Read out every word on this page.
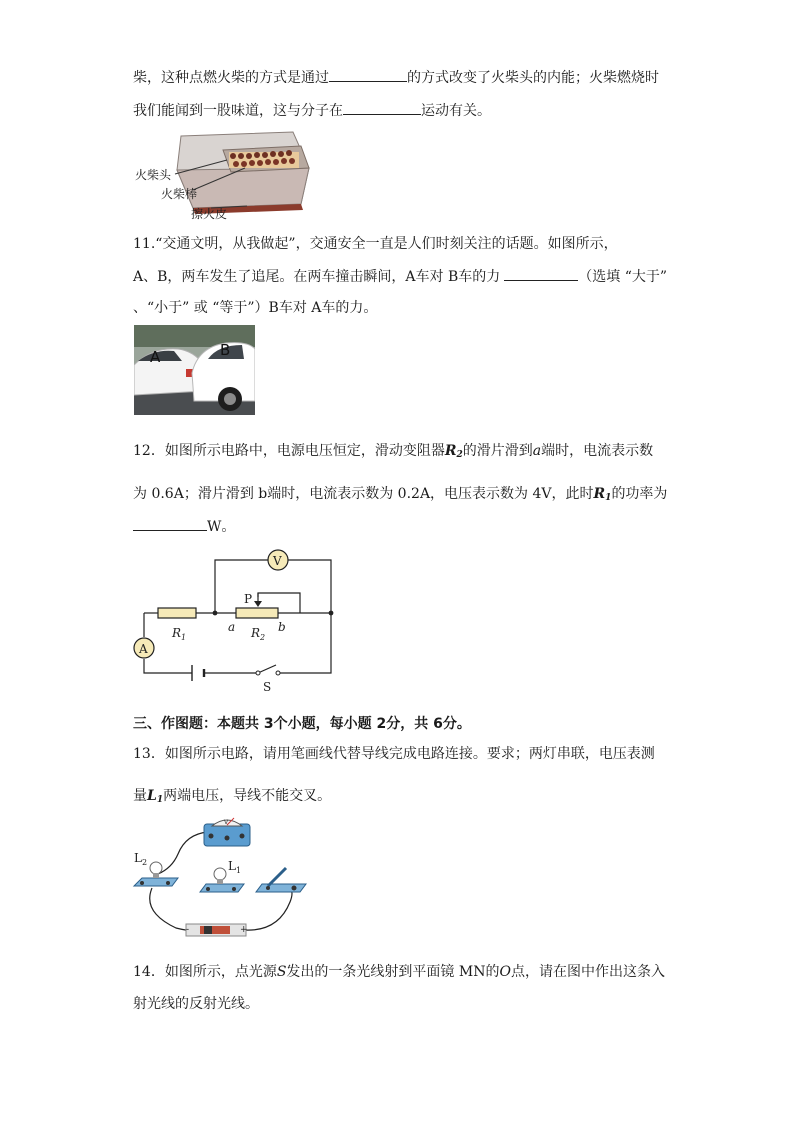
柴，这种点燃火柴的方式是通过	的方式改变了火柴头的内能；火柴燃烧时
我们能闻到一股味道，这与分子在	运动有关。
火柴头
火柴棒
擦火皮
11.“交通文明，从我做起”，交通安全一直是人们时刻关注的话题。如图所示，
A、B，两车发生了追尾。在两车撞击瞬间，A车对 B车的力	（选填 “大于”
、“小于” 或 “等于”）B车对 A车的力。
A	B
12．如图所示电路中，电源电压恒定，滑动变阻器$R_2$的滑片滑到a端时，电流表示数
为 0.6A；滑片滑到 b端时，电流表示数为 0.2A，电压表示数为 4V，此时$R_1$的功率为
W。
V
A
P
$R_1$	$R_2$
a	b
S
三、作图题：本题共 3个小题，每小题 2分，共 6分。
13．如图所示电路，请用笔画线代替导线完成电路连接。要求；两灯串联，电压表测
量$L_1$两端电压，导线不能交叉。
V
$L_2$	$L_1$
-	+
14．如图所示，点光源S发出的一条光线射到平面镜 MN的O点，请在图中作出这条入
射光线的反射光线。
